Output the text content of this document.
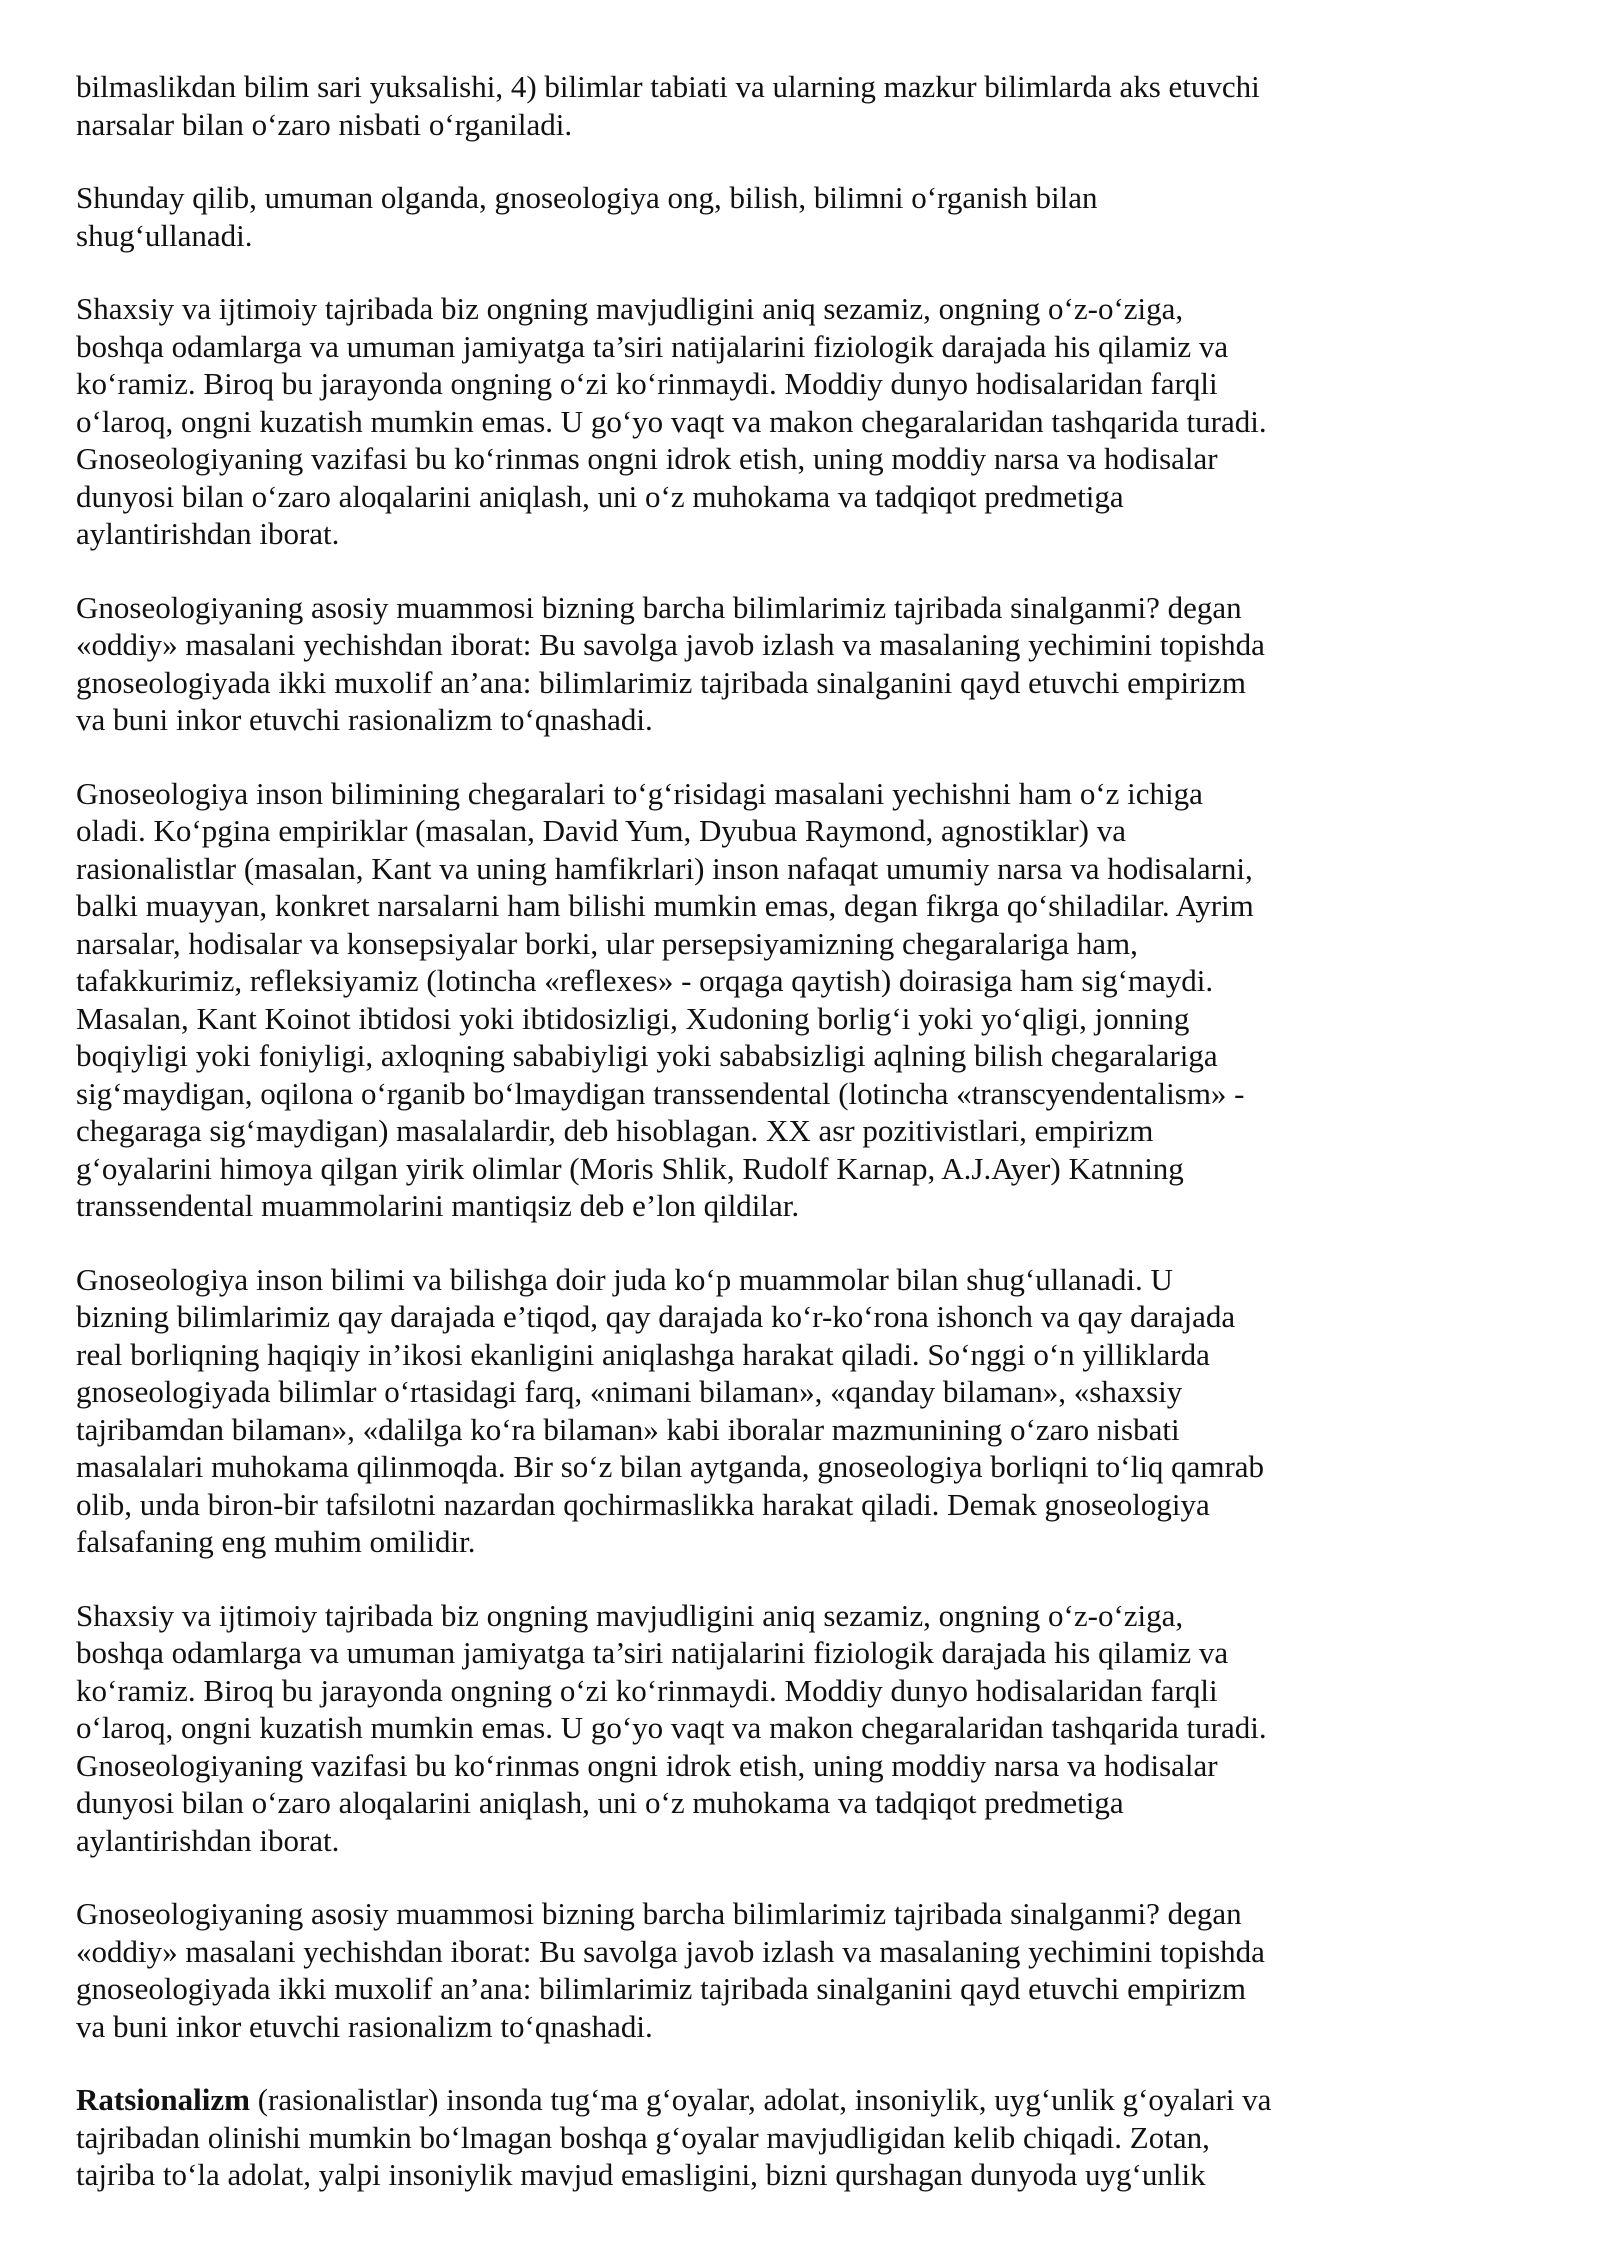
bilmaslikdan bilim sari yuksalishi, 4) bilimlar tabiati va ularning mazkur bilimlarda aks etuvchi
narsalar bilan o‘zaro nisbati o‘rganiladi.

Shunday qilib, umuman olganda, gnoseologiya ong, bilish, bilimni o‘rganish bilan
shug‘ullanadi.

Shaxsiy va ijtimoiy tajribada biz ongning mavjudligini aniq sezamiz, ongning o‘z-o‘ziga,
boshqa odamlarga va umuman jamiyatga ta’siri natijalarini fiziologik darajada his qilamiz va
ko‘ramiz. Biroq bu jarayonda ongning o‘zi ko‘rinmaydi. Moddiy dunyo hodisalaridan farqli
o‘laroq, ongni kuzatish mumkin emas. U go‘yo vaqt va makon chegaralaridan tashqarida turadi.
Gnoseologiyaning vazifasi bu ko‘rinmas ongni idrok etish, uning moddiy narsa va hodisalar
dunyosi bilan o‘zaro aloqalarini aniqlash, uni o‘z muhokama va tadqiqot predmetiga
aylantirishdan iborat.

Gnoseologiyaning asosiy muammosi bizning barcha bilimlarimiz tajribada sinalganmi? degan
«oddiy» masalani yechishdan iborat: Bu savolga javob izlash va masalaning yechimini topishda
gnoseologiyada ikki muxolif an’ana: bilimlarimiz tajribada sinalganini qayd etuvchi empirizm
va buni inkor etuvchi rasionalizm to‘qnashadi.

Gnoseologiya inson bilimining chegaralari to‘g‘risidagi masalani yechishni ham o‘z ichiga
oladi. Ko‘pgina empiriklar (masalan, David Yum, Dyubua Raymond, agnostiklar) va
rasionalistlar (masalan, Kant va uning hamfikrlari) inson nafaqat umumiy narsa va hodisalarni,
balki muayyan, konkret narsalarni ham bilishi mumkin emas, degan fikrga qo‘shiladilar. Ayrim
narsalar, hodisalar va konsepsiyalar borki, ular persepsiyamizning chegaralariga ham,
tafakkurimiz, refleksiyamiz (lotincha «reflexes» - orqaga qaytish) doirasiga ham sig‘maydi.
Masalan, Kant Koinot ibtidosi yoki ibtidosizligi, Xudoning borlig‘i yoki yo‘qligi, jonning
boqiyligi yoki foniyligi, axloqning sababiyligi yoki sababsizligi aqlning bilish chegaralariga
sig‘maydigan, oqilona o‘rganib bo‘lmaydigan transsendental (lotincha «transcyendentalism» -
chegaraga sig‘maydigan) masalalardir, deb hisoblagan. XX asr pozitivistlari, empirizm
g‘oyalarini himoya qilgan yirik olimlar (Moris Shlik, Rudolf Karnap, A.J.Ayer) Katnning
transsendental muammolarini mantiqsiz deb e’lon qildilar.

Gnoseologiya inson bilimi va bilishga doir juda ko‘p muammolar bilan shug‘ullanadi. U
bizning bilimlarimiz qay darajada e’tiqod, qay darajada ko‘r-ko‘rona ishonch va qay darajada
real borliqning haqiqiy in’ikosi ekanligini aniqlashga harakat qiladi. So‘nggi o‘n yilliklarda
gnoseologiyada bilimlar o‘rtasidagi farq, «nimani bilaman», «qanday bilaman», «shaxsiy
tajribamdan bilaman», «dalilga ko‘ra bilaman» kabi iboralar mazmunining o‘zaro nisbati
masalalari muhokama qilinmoqda. Bir so‘z bilan aytganda, gnoseologiya borliqni to‘liq qamrab
olib, unda biron-bir tafsilotni nazardan qochirmaslikka harakat qiladi. Demak gnoseologiya
falsafaning eng muhim omilidir.

Shaxsiy va ijtimoiy tajribada biz ongning mavjudligini aniq sezamiz, ongning o‘z-o‘ziga,
boshqa odamlarga va umuman jamiyatga ta’siri natijalarini fiziologik darajada his qilamiz va
ko‘ramiz. Biroq bu jarayonda ongning o‘zi ko‘rinmaydi. Moddiy dunyo hodisalaridan farqli
o‘laroq, ongni kuzatish mumkin emas. U go‘yo vaqt va makon chegaralaridan tashqarida turadi.
Gnoseologiyaning vazifasi bu ko‘rinmas ongni idrok etish, uning moddiy narsa va hodisalar
dunyosi bilan o‘zaro aloqalarini aniqlash, uni o‘z muhokama va tadqiqot predmetiga
aylantirishdan iborat.

Gnoseologiyaning asosiy muammosi bizning barcha bilimlarimiz tajribada sinalganmi? degan
«oddiy» masalani yechishdan iborat: Bu savolga javob izlash va masalaning yechimini topishda
gnoseologiyada ikki muxolif an’ana: bilimlarimiz tajribada sinalganini qayd etuvchi empirizm
va buni inkor etuvchi rasionalizm to‘qnashadi.

Ratsionalizm (rasionalistlar) insonda tug‘ma g‘oyalar, adolat, insoniylik, uyg‘unlik g‘oyalari va
tajribadan olinishi mumkin bo‘lmagan boshqa g‘oyalar mavjudligidan kelib chiqadi. Zotan,
tajriba to‘la adolat, yalpi insoniylik mavjud emasligini, bizni qurshagan dunyoda uyg‘unlik
